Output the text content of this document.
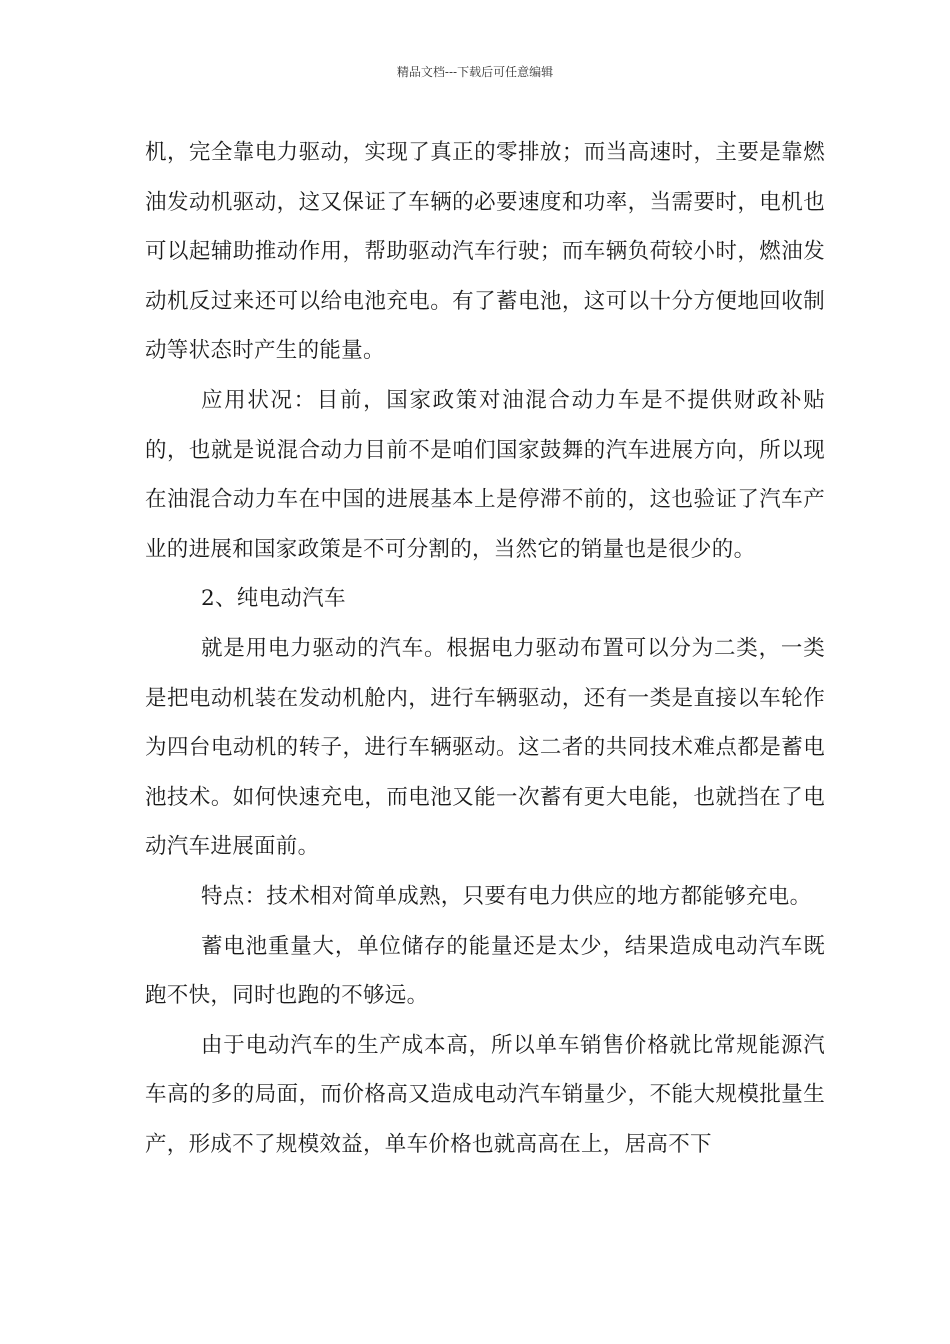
精品文档---下载后可任意编辑

机，完全靠电力驱动，实现了真正的零排放；而当高速时，主要是靠燃油发动机驱动，这又保证了车辆的必要速度和功率，当需要时，电机也可以起辅助推动作用，帮助驱动汽车行驶；而车辆负荷较小时，燃油发动机反过来还可以给电池充电。有了蓄电池，这可以十分方便地回收制动等状态时产生的能量。

应用状况：目前，国家政策对油混合动力车是不提供财政补贴的，也就是说混合动力目前不是咱们国家鼓舞的汽车进展方向，所以现在油混合动力车在中国的进展基本上是停滞不前的，这也验证了汽车产业的进展和国家政策是不可分割的，当然它的销量也是很少的。

2、纯电动汽车

就是用电力驱动的汽车。根据电力驱动布置可以分为二类，一类是把电动机装在发动机舱内，进行车辆驱动，还有一类是直接以车轮作为四台电动机的转子，进行车辆驱动。这二者的共同技术难点都是蓄电池技术。如何快速充电，而电池又能一次蓄有更大电能，也就挡在了电动汽车进展面前。

特点：技术相对简单成熟，只要有电力供应的地方都能够充电。

蓄电池重量大，单位储存的能量还是太少，结果造成电动汽车既跑不快，同时也跑的不够远。

由于电动汽车的生产成本高，所以单车销售价格就比常规能源汽车高的多的局面，而价格高又造成电动汽车销量少，不能大规模批量生产，形成不了规模效益，单车价格也就高高在上，居高不下
